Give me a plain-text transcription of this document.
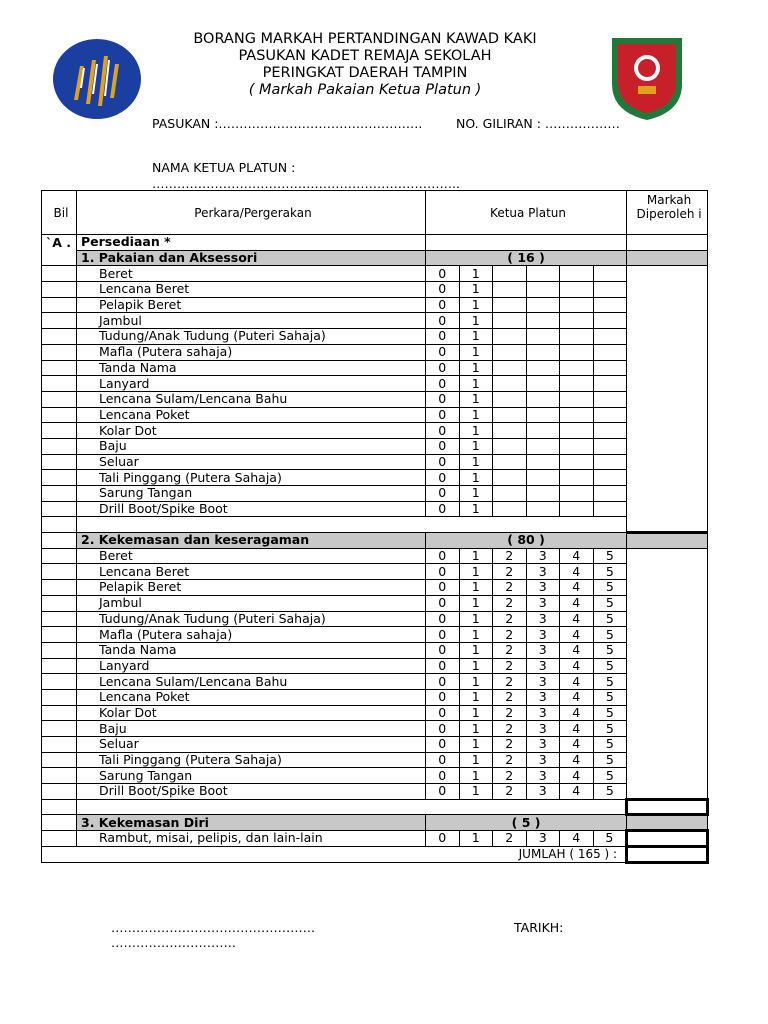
BORANG MARKAH PERTANDINGAN KAWAD KAKI
PASUKAN KADET REMAJA SEKOLAH
PERINGKAT DAERAH TAMPIN
( Markah Pakaian Ketua Platun )
PASUKAN :………………………………………….	NO. GILIRAN : ………………
NAMA KETUA PLATUN :
………………………………………………………………..
Bil	Perkara/Pergerakan	Ketua Platun						Markah Diperoleh i
`A .	Persediaan *							
	1. Pakaian dan Aksessori	( 16 )						
	Beret	0	1					
	Lencana Beret	0	1					
	Pelapik Beret	0	1					
	Jambul	0	1					
	Tudung/Anak Tudung (Puteri Sahaja)	0	1					
	Mafla (Putera sahaja)	0	1					
	Tanda Nama	0	1					
	Lanyard	0	1					
	Lencana Sulam/Lencana Bahu	0	1					
	Lencana Poket	0	1					
	Kolar Dot	0	1					
	Baju	0	1					
	Seluar	0	1					
	Tali Pinggang (Putera Sahaja)	0	1					
	Sarung Tangan	0	1					
	Drill Boot/Spike Boot	0	1					

	2. Kekemasan dan keseragaman	( 80 )						
	Beret	0	1	2	3	4	5	
	Lencana Beret	0	1	2	3	4	5	
	Pelapik Beret	0	1	2	3	4	5	
	Jambul	0	1	2	3	4	5	
	Tudung/Anak Tudung (Puteri Sahaja)	0	1	2	3	4	5	
	Mafla (Putera sahaja)	0	1	2	3	4	5	
	Tanda Nama	0	1	2	3	4	5	
	Lanyard	0	1	2	3	4	5	
	Lencana Sulam/Lencana Bahu	0	1	2	3	4	5	
	Lencana Poket	0	1	2	3	4	5	
	Kolar Dot	0	1	2	3	4	5	
	Baju	0	1	2	3	4	5	
	Seluar	0	1	2	3	4	5	
	Tali Pinggang (Putera Sahaja)	0	1	2	3	4	5	
	Sarung Tangan	0	1	2	3	4	5	
	Drill Boot/Spike Boot	0	1	2	3	4	5	

	3. Kekemasan Diri	( 5 )						
	Rambut, misai, pelipis, dan lain-lain	0	1	2	3	4	5	
JUMLAH ( 165 ) :								
………………………………………….
…………………………
TARIKH:
